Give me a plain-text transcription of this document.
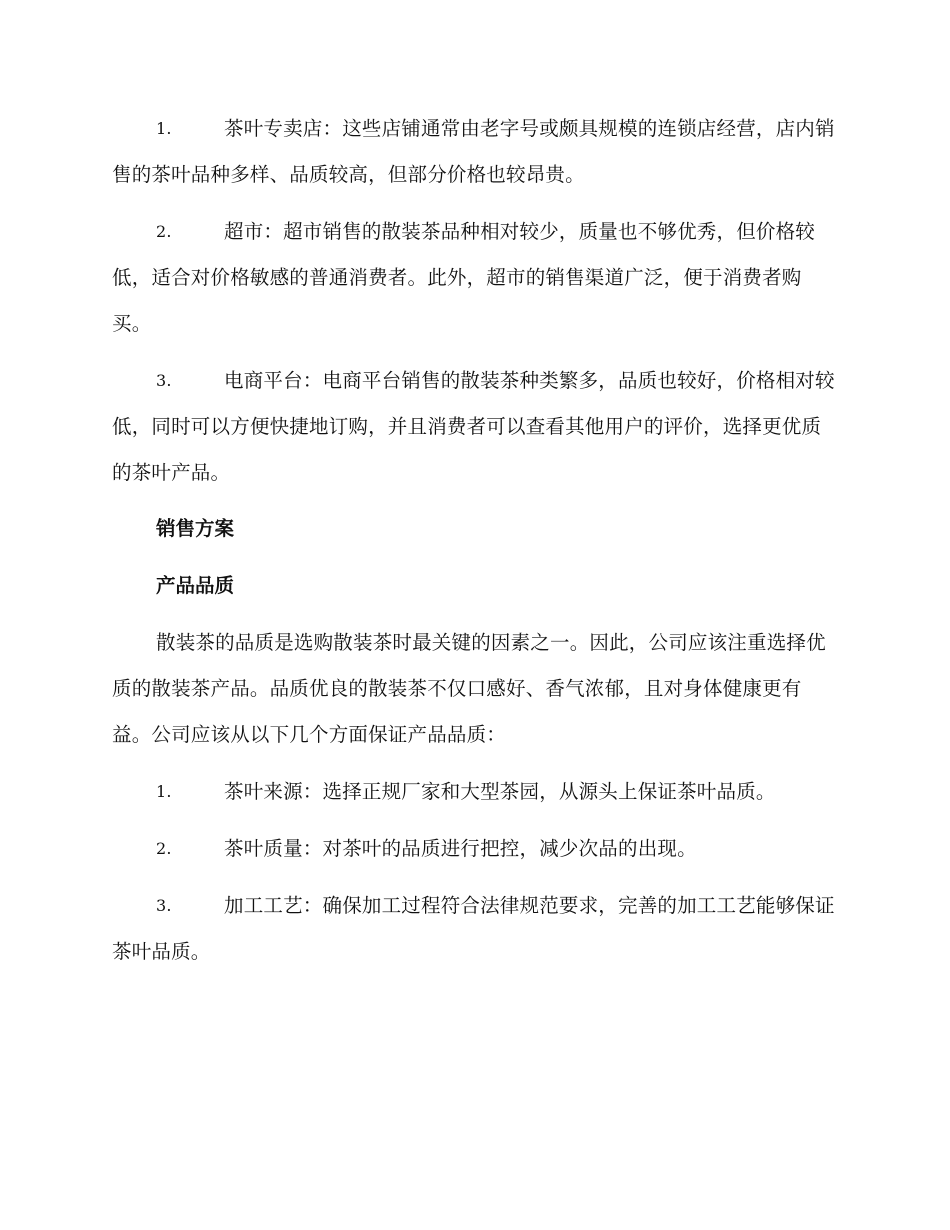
1.	茶叶专卖店：这些店铺通常由老字号或颇具规模的连锁店经营，店内销售的茶叶品种多样、品质较高，但部分价格也较昂贵。
2.	超市：超市销售的散装茶品种相对较少，质量也不够优秀，但价格较低，适合对价格敏感的普通消费者。此外，超市的销售渠道广泛，便于消费者购买。
3.	电商平台：电商平台销售的散装茶种类繁多，品质也较好，价格相对较低，同时可以方便快捷地订购，并且消费者可以查看其他用户的评价，选择更优质的茶叶产品。
销售方案
产品品质

散装茶的品质是选购散装茶时最关键的因素之一。因此，公司应该注重选择优质的散装茶产品。品质优良的散装茶不仅口感好、香气浓郁，且对身体健康更有益。公司应该从以下几个方面保证产品品质：

1.	茶叶来源：选择正规厂家和大型茶园，从源头上保证茶叶品质。
2.	茶叶质量：对茶叶的品质进行把控，减少次品的出现。
3.	加工工艺：确保加工过程符合法律规范要求，完善的加工工艺能够保证茶叶品质。
